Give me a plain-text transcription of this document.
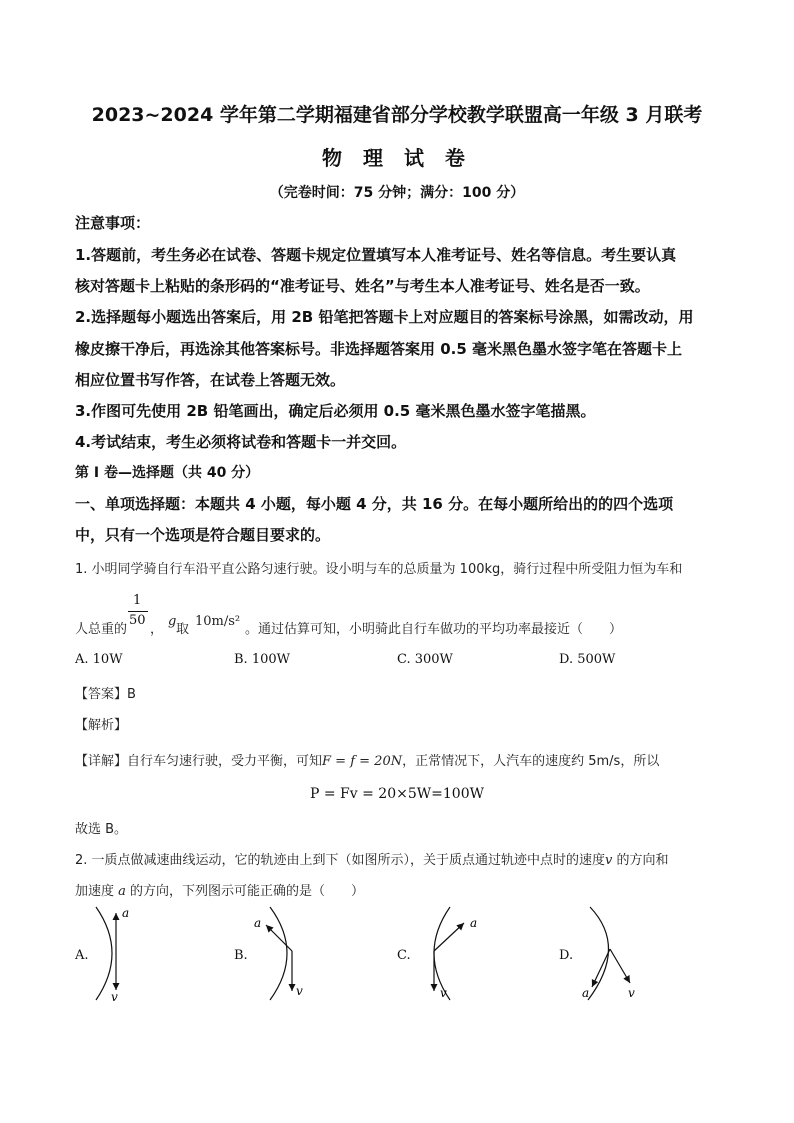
2023~2024 学年第二学期福建省部分学校教学联盟高一年级 3 月联考
物 理 试 卷
（完卷时间：75 分钟；满分：100 分）
注意事项：
1.答题前，考生务必在试卷、答题卡规定位置填写本人准考证号、姓名等信息。考生要认真
核对答题卡上粘贴的条形码的“准考证号、姓名”与考生本人准考证号、姓名是否一致。
2.选择题每小题选出答案后，用 2B 铅笔把答题卡上对应题目的答案标号涂黑，如需改动，用
橡皮擦干净后，再选涂其他答案标号。非选择题答案用 0.5 毫米黑色墨水签字笔在答题卡上
相应位置书写作答，在试卷上答题无效。
3.作图可先使用 2B 铅笔画出，确定后必须用 0.5 毫米黑色墨水签字笔描黑。
4.考试结束，考生必须将试卷和答题卡一并交回。
第 I 卷—选择题（共 40 分）
一、单项选择题：本题共 4 小题，每小题 4 分，共 16 分。在每小题所给出的的四个选项
中，只有一个选项是符合题目要求的。
1. 小明同学骑自行车沿平直公路匀速行驶。设小明与车的总质量为 100kg，骑行过程中所受阻力恒为车和
1
50
人总重的 ，
g
取
10m/s²
。通过估算可知，小明骑此自行车做功的平均功率最接近（　　）
A. 10W	B. 100W	C. 300W	D. 500W
【答案】B
【解析】
【详解】自行车匀速行驶，受力平衡，可知F = f = 20N，正常情况下，人汽车的速度约 5m/s，所以
P = Fv = 20×5W=100W
故选 B。
2. 一质点做减速曲线运动，它的轨迹由上到下（如图所示），关于质点通过轨迹中点时的速度v 的方向和
加速度 a 的方向，下列图示可能正确的是（　　）
A.
a
v
B.
a
v
C.
a
v
D.
a	v
